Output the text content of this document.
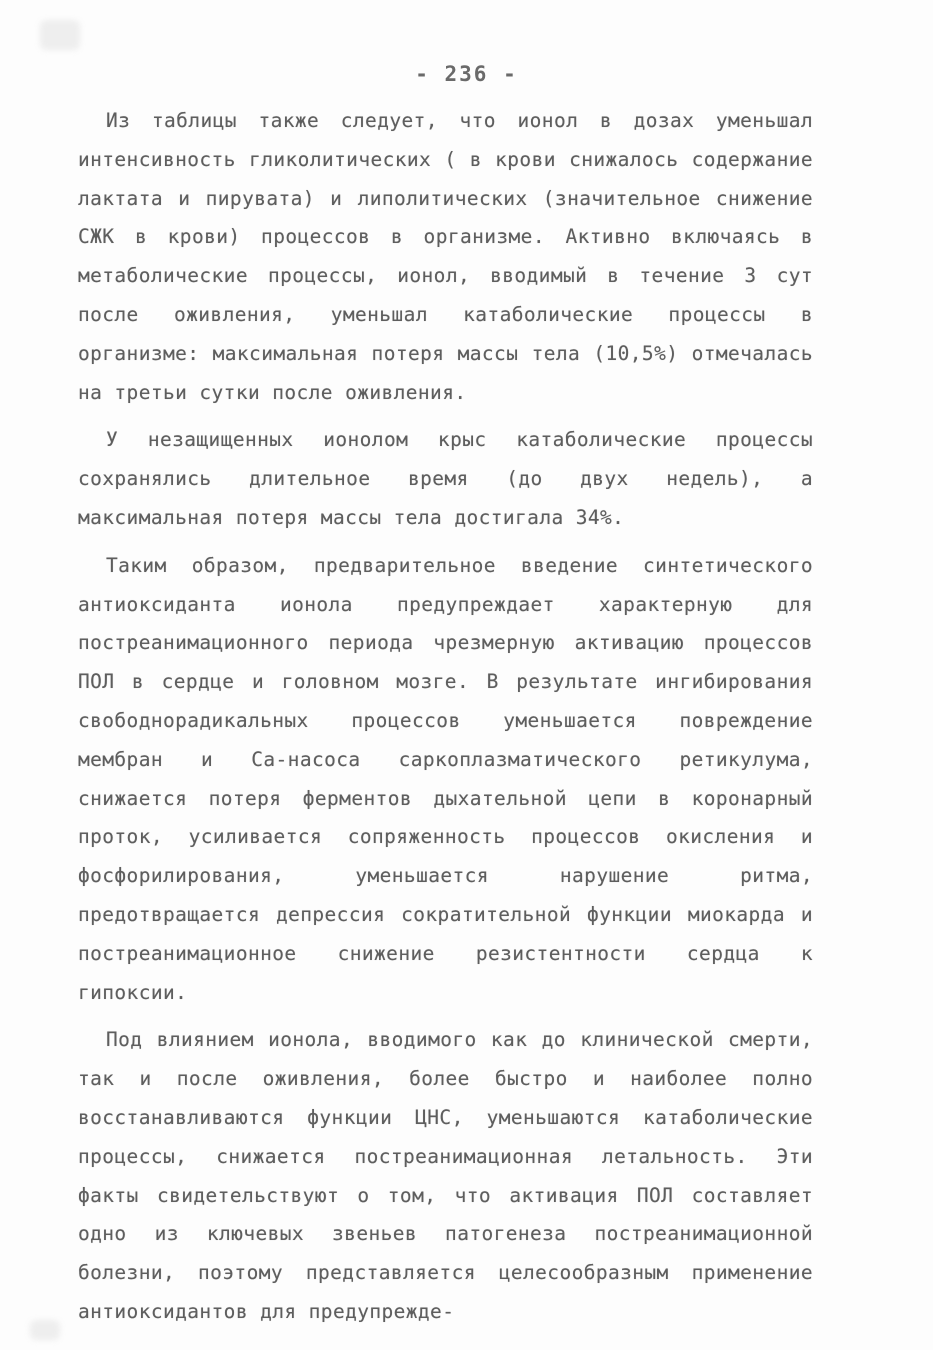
- 236 -

Из таблицы также следует, что ионол в дозах уменьшал интенсивность гликолитических ( в крови снижалось содержание лактата и пирувата) и липолитических (значительное снижение СЖК в крови) процессов в организме. Активно включаясь в метаболические процессы, ионол, вводимый в течение 3 сут после оживления, уменьшал катаболические процессы в организме: максимальная потеря массы тела (10,5%) отмечалась на третьи сутки после оживления.

У незащищенных ионолом крыс катаболические процессы сохранялись длительное время (до двух недель), а максимальная потеря массы тела достигала 34%.

Таким образом, предварительное введение синтетического антиоксиданта ионола предупреждает характерную для постреанимационного периода чрезмерную активацию процессов ПОЛ в сердце и головном мозге. В результате ингибирования свободнорадикальных процессов уменьшается повреждение мембран и Са-насоса саркоплазматического ретикулума, снижается потеря ферментов дыхательной цепи в коронарный проток, усиливается сопряженность процессов окисления и фосфорилирования, уменьшается нарушение ритма, предотвращается депрессия сократительной функции миокарда и постреанимационное снижение резистентности сердца к гипоксии.

Под влиянием ионола, вводимого как до клинической смерти, так и после оживления, более быстро и наиболее полно восстанавливаются функции ЦНС, уменьшаются катаболические процессы, снижается постреанимационная летальность. Эти факты свидетельствуют о том, что активация ПОЛ составляет одно из ключевых звеньев патогенеза постреанимационной болезни, поэтому представляется целесообразным применение антиоксидантов для предупрежде-
